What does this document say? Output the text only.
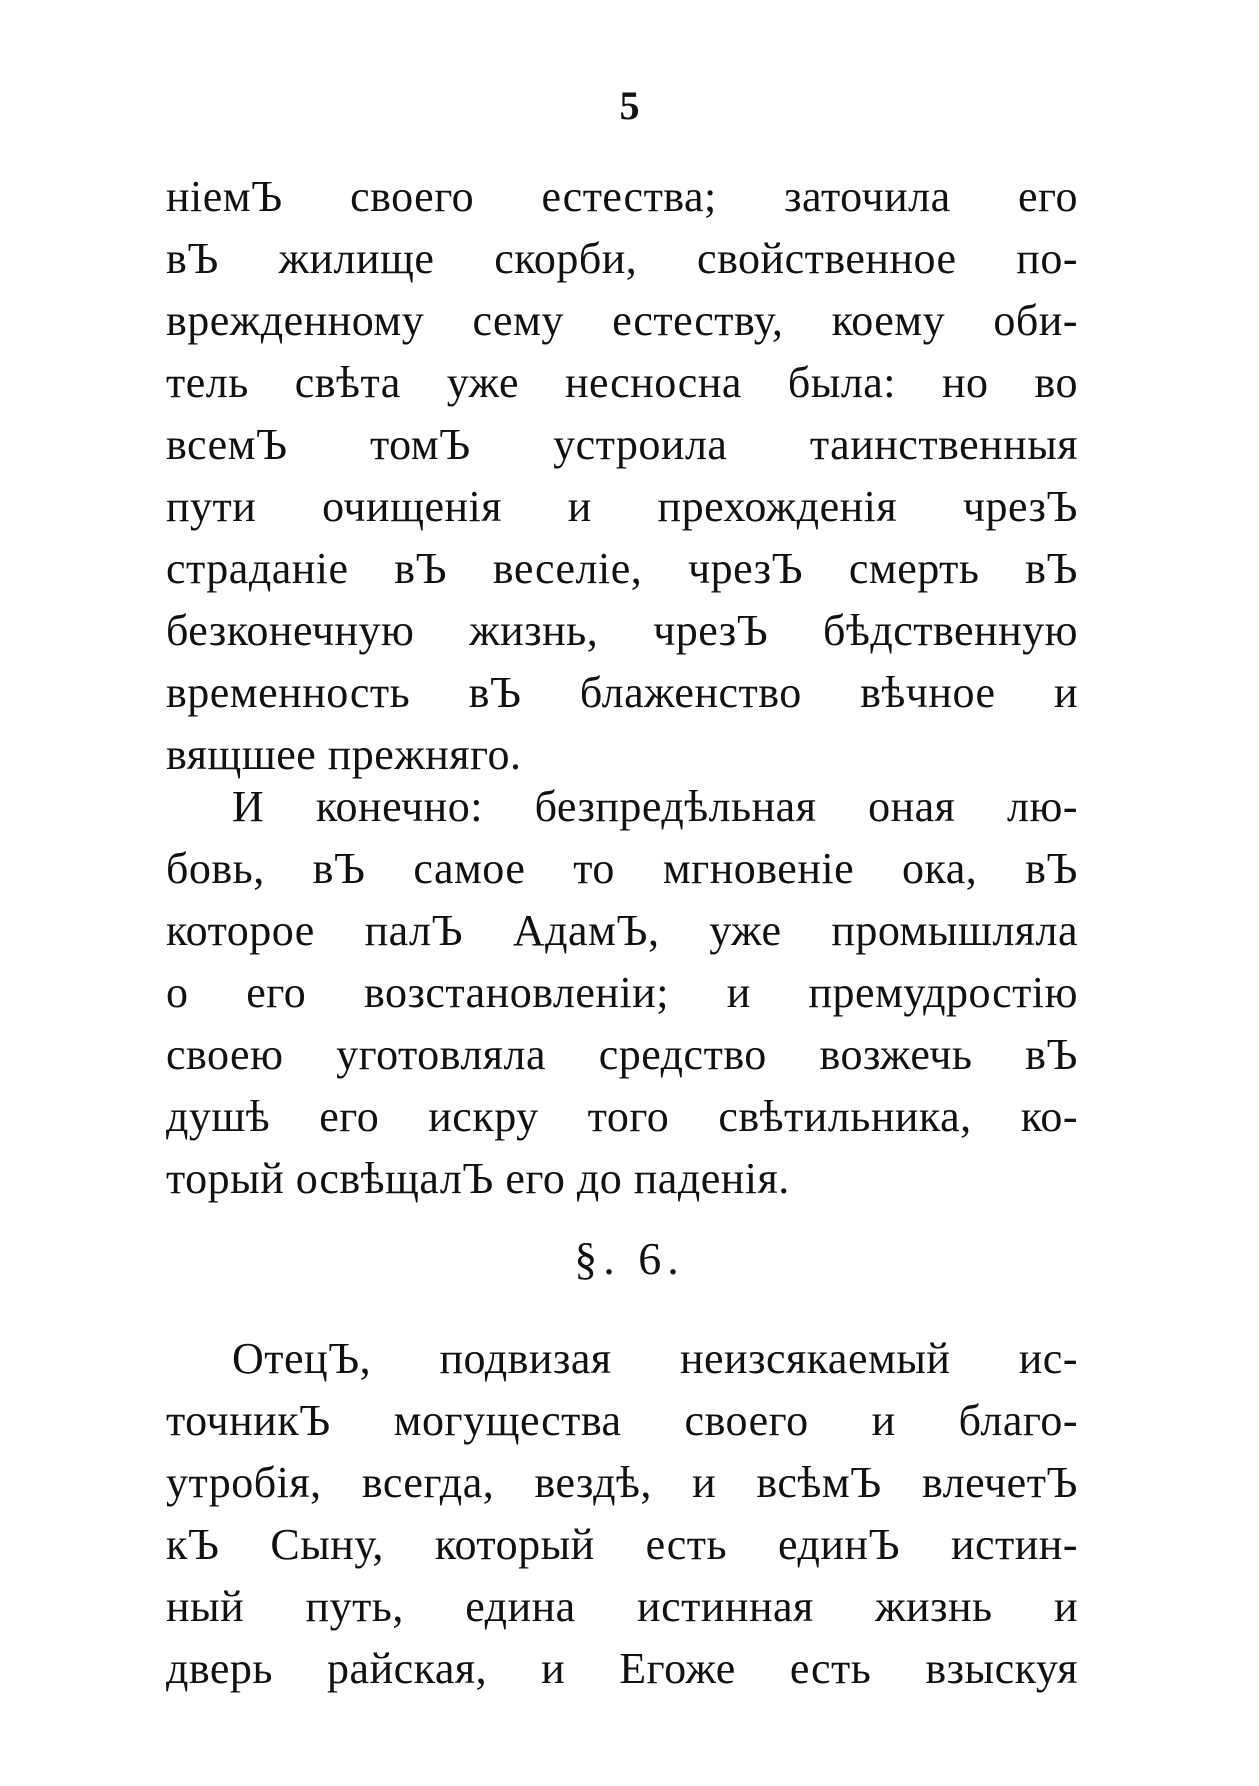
5
нiемЪ своего естества; заточила его
вЪ жилище скорби, свойственное по-
врежденному сему естеству, коему оби-
тель свѣта уже несносна была: но во
всемЪ томЪ устроила таинственныя
пути очищенiя и прехожденiя чрезЪ
страданiе вЪ веселiе, чрезЪ смерть вЪ
безконечную жизнь, чрезЪ бѣдственную
временность вЪ блаженство вѣчное и
вящшее прежняго.
И конечно: безпредѣльная оная лю-
бовь, вЪ самое то мгновенiе ока, вЪ
которое палЪ АдамЪ, уже промышляла
о его возстановленiи; и премудростiю
своею уготовляла средство возжечь вЪ
душѣ его искру того свѣтильника, ко-
торый освѣщалЪ его до паденiя.
§. 6.
ОтецЪ, подвизая неизсякаемый ис-
точникЪ могущества своего и благо-
утробiя, всегда, вездѣ, и всѣмЪ влечетЪ
кЪ Сыну, который есть единЪ истин-
ный путь, едина истинная жизнь и
дверь райская, и Егоже есть взыскуя
